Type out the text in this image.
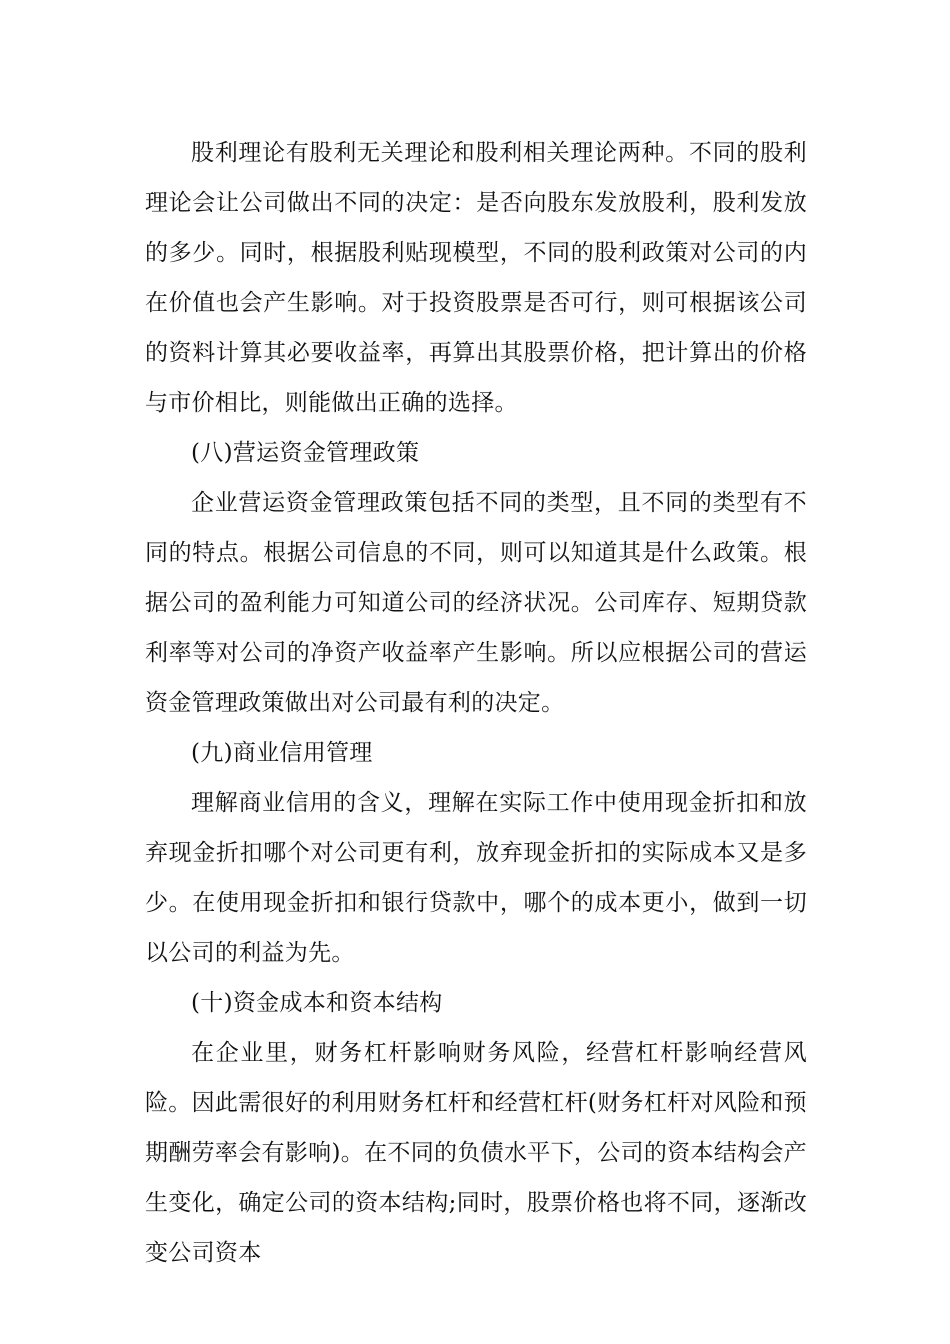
股利理论有股利无关理论和股利相关理论两种。不同的股利理论会让公司做出不同的决定：是否向股东发放股利，股利发放的多少。同时，根据股利贴现模型，不同的股利政策对公司的内在价值也会产生影响。对于投资股票是否可行，则可根据该公司的资料计算其必要收益率，再算出其股票价格，把计算出的价格与市价相比，则能做出正确的选择。

(八)营运资金管理政策

企业营运资金管理政策包括不同的类型，且不同的类型有不同的特点。根据公司信息的不同，则可以知道其是什么政策。根据公司的盈利能力可知道公司的经济状况。公司库存、短期贷款利率等对公司的净资产收益率产生影响。所以应根据公司的营运资金管理政策做出对公司最有利的决定。

(九)商业信用管理

理解商业信用的含义，理解在实际工作中使用现金折扣和放弃现金折扣哪个对公司更有利，放弃现金折扣的实际成本又是多少。在使用现金折扣和银行贷款中，哪个的成本更小，做到一切以公司的利益为先。

(十)资金成本和资本结构

在企业里，财务杠杆影响财务风险，经营杠杆影响经营风险。因此需很好的利用财务杠杆和经营杠杆(财务杠杆对风险和预期酬劳率会有影响)。在不同的负债水平下，公司的资本结构会产生变化，确定公司的资本结构;同时，股票价格也将不同，逐渐改变公司资本
